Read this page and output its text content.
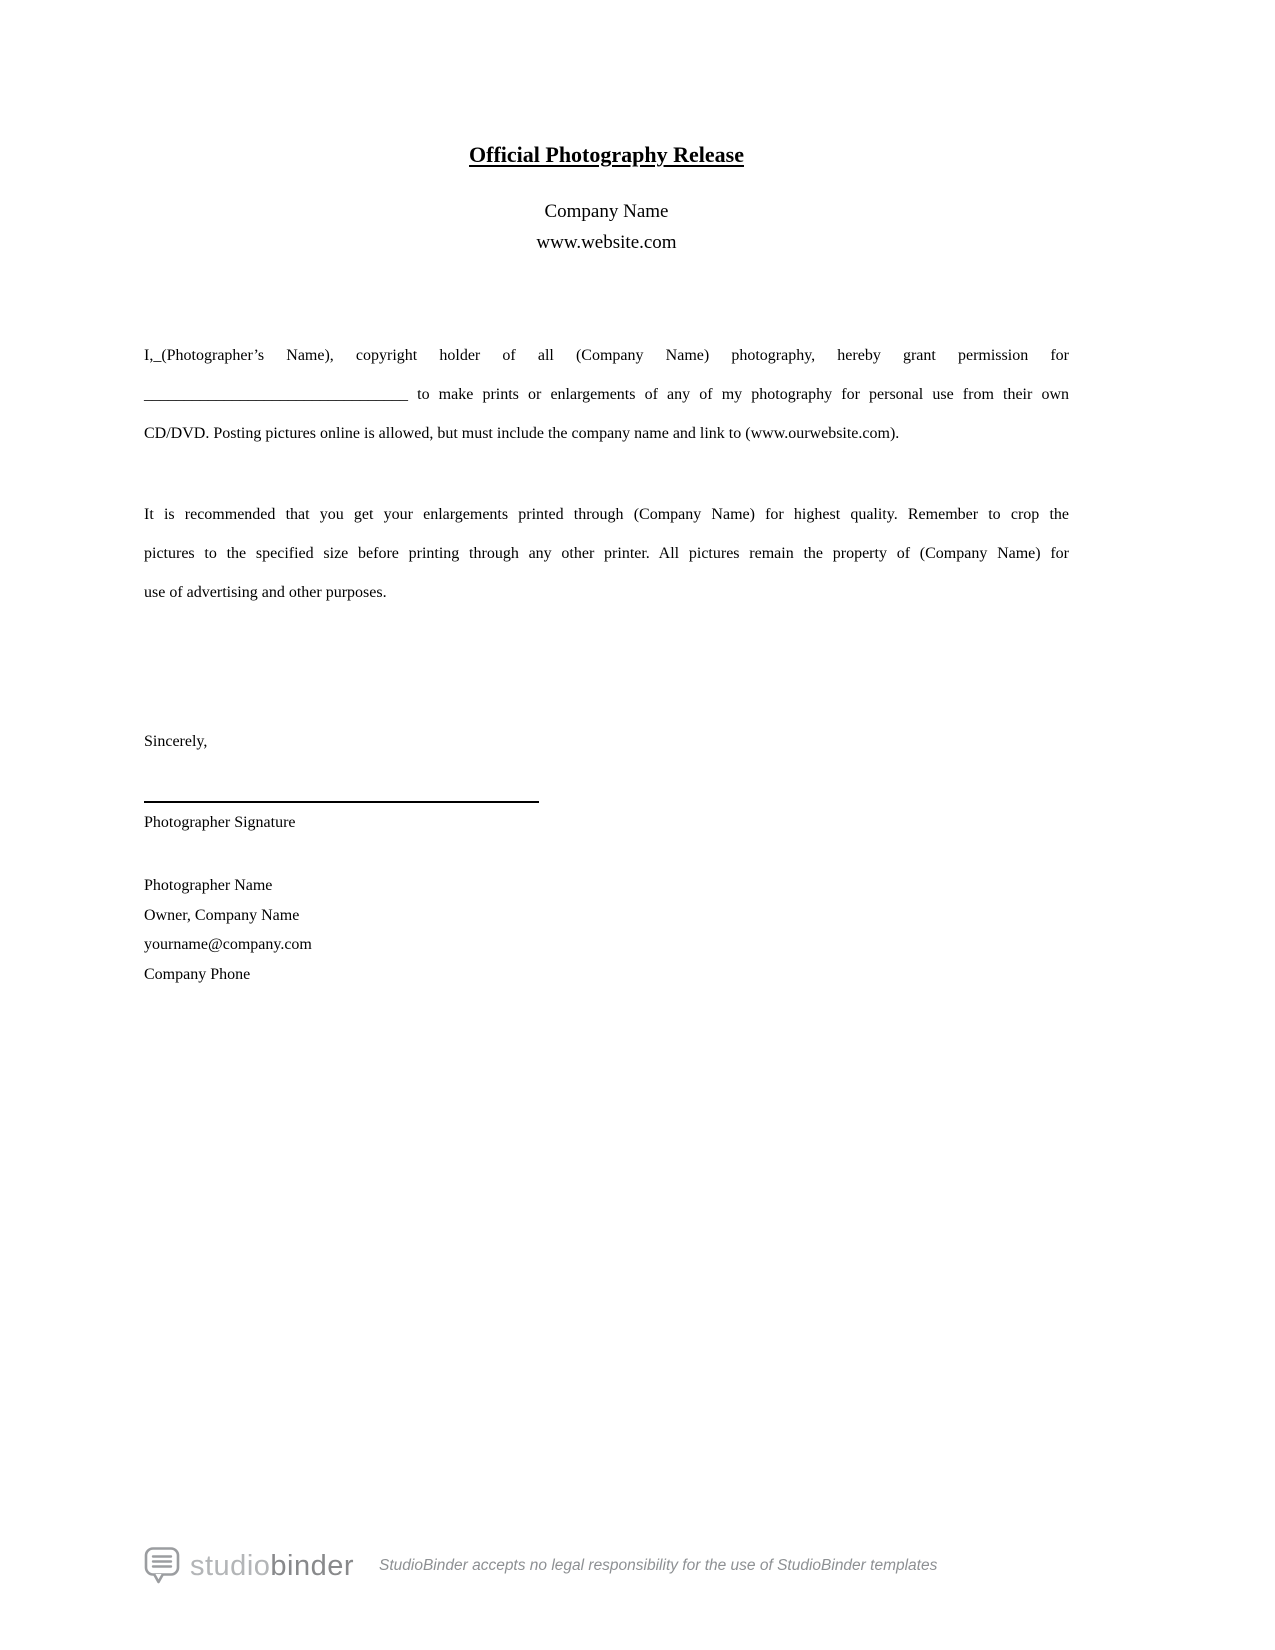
Official Photography Release

Company Name

www.website.com

I,_(Photographer’s Name), copyright holder of all (Company Name) photography, hereby grant permission for
_________________________________ to make prints or enlargements of any of my photography for personal use from their own
CD/DVD. Posting pictures online is allowed, but must include the company name and link to (www.ourwebsite.com).
It is recommended that you get your enlargements printed through (Company Name) for highest quality. Remember to crop the
pictures to the specified size before printing through any other printer. All pictures remain the property of (Company Name) for
use of advertising and other purposes.
Sincerely,
Photographer Signature
Photographer Name
Owner, Company Name
yourname@company.com
Company Phone
studiobinder StudioBinder accepts no legal responsibility for the use of StudioBinder templates
